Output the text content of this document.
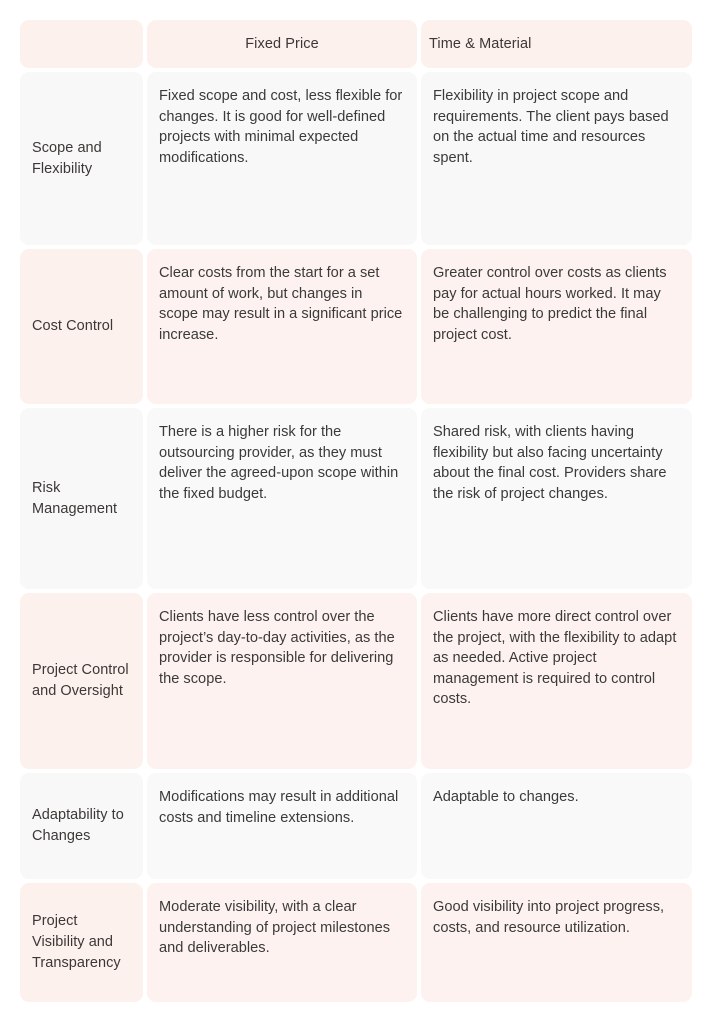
Fixed Price	Time & Material
Scope and Flexibility

Fixed scope and cost, less flexible for changes. It is good for well-defined projects with minimal expected modifications.

Flexibility in project scope and requirements. The client pays based on the actual time and resources spent.

Cost Control

Clear costs from the start for a set amount of work, but changes in scope may result in a significant price increase.

Greater control over costs as clients pay for actual hours worked. It may be challenging to predict the final project cost.

Risk Management

There is a higher risk for the outsourcing provider, as they must deliver the agreed-upon scope within the fixed budget.

Shared risk, with clients having flexibility but also facing uncertainty about the final cost. Providers share the risk of project changes.

Project Control and Oversight

Clients have less control over the project’s day-to-day activities, as the provider is responsible for delivering the scope.

Clients have more direct control over the project, with the flexibility to adapt as needed. Active project management is required to control costs.

Adaptability to Changes

Modifications may result in additional costs and timeline extensions.

Adaptable to changes.

Project Visibility and Transparency

Moderate visibility, with a clear understanding of project milestones and deliverables.

Good visibility into project progress, costs, and resource utilization.
